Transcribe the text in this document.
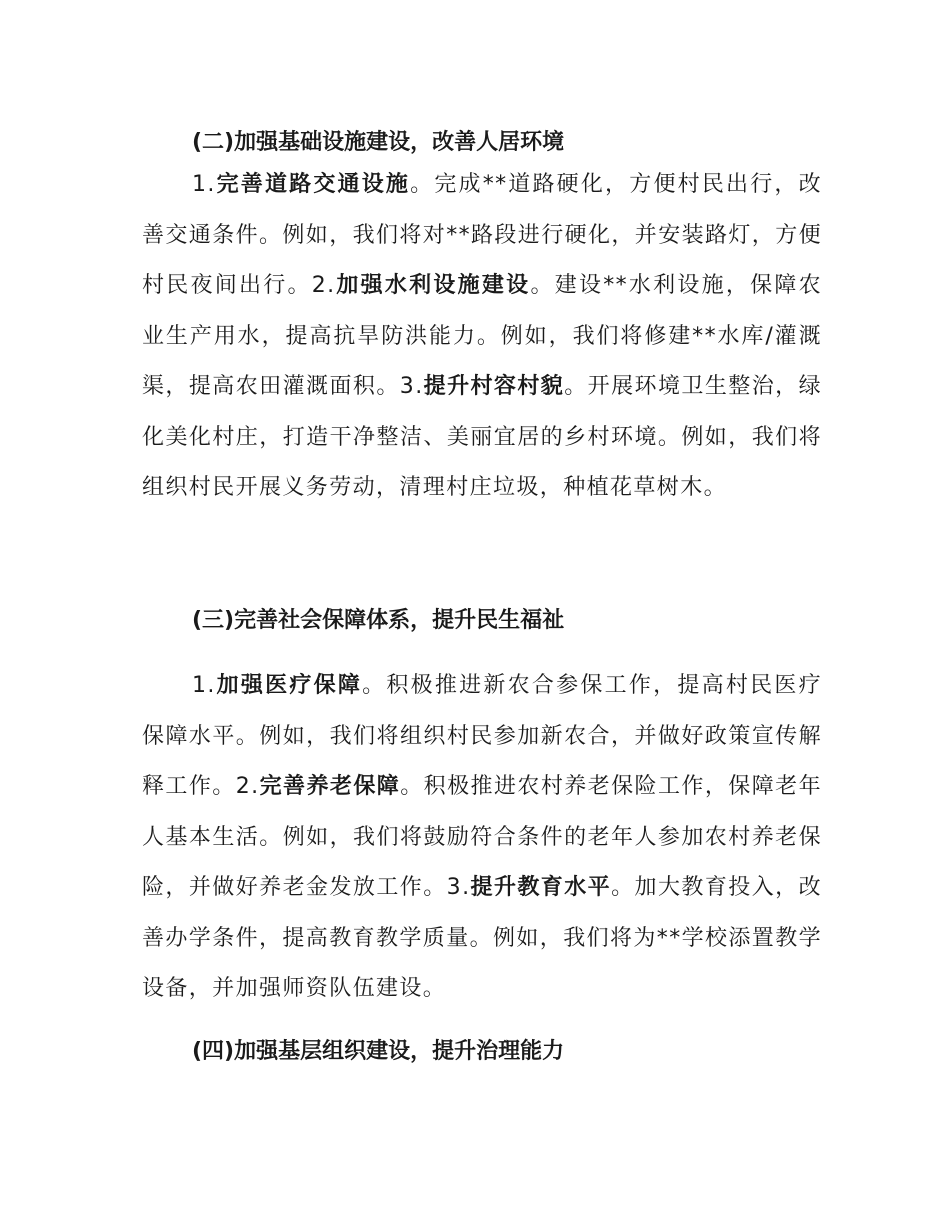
(二)加强基础设施建设，改善人居环境

1.完善道路交通设施。完成**道路硬化，方便村民出行，改善交通条件。例如，我们将对**路段进行硬化，并安装路灯，方便村民夜间出行。2.加强水利设施建设。建设**水利设施，保障农业生产用水，提高抗旱防洪能力。例如，我们将修建**水库/灌溉渠，提高农田灌溉面积。3.提升村容村貌。开展环境卫生整治，绿化美化村庄，打造干净整洁、美丽宜居的乡村环境。例如，我们将组织村民开展义务劳动，清理村庄垃圾，种植花草树木。

(三)完善社会保障体系，提升民生福祉

1.加强医疗保障。积极推进新农合参保工作，提高村民医疗保障水平。例如，我们将组织村民参加新农合，并做好政策宣传解释工作。2.完善养老保障。积极推进农村养老保险工作，保障老年人基本生活。例如，我们将鼓励符合条件的老年人参加农村养老保险，并做好养老金发放工作。3.提升教育水平。加大教育投入，改善办学条件，提高教育教学质量。例如，我们将为**学校添置教学设备，并加强师资队伍建设。

(四)加强基层组织建设，提升治理能力
